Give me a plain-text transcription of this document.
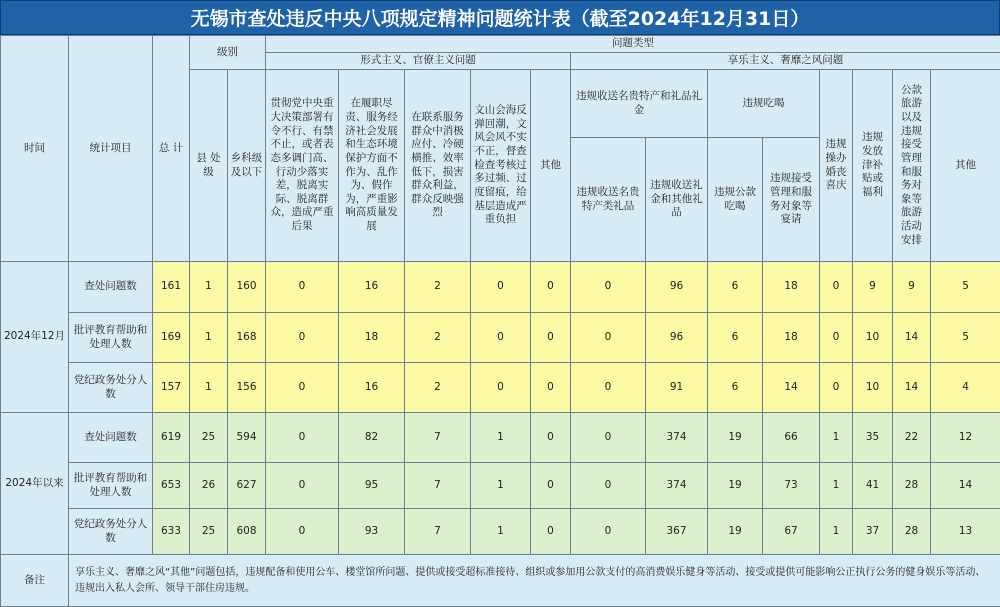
无锡市查处违反中央八项规定精神问题统计表（截至2024年12月31日）
时间	统计项目	总 计	级别		问题类型												
					形式主义、官僚主义问题					享乐主义、奢靡之风问题							
			县 处级	乡科级及以下	贯彻党中央重大决策部署有令不行、有禁不止，或者表态多调门高、行动少落实差，脱离实际、脱离群众，造成严重后果	在履职尽责、服务经济社会发展和生态环境保护方面不作为、乱作为、假作为，严重影响高质量发展	在联系服务群众中消极应付、冷硬横推、效率低下，损害群众利益，群众反映强烈	文山会海反弹回潮，文风会风不实不正，督查检查考核过多过频、过度留痕，给基层造成严重负担	其他	违规收送名贵特产和礼品礼金		违规吃喝		违规操办婚丧喜庆	违规发放津补贴或福利	公款旅游以及违规接受管理和服务对象等旅游活动安排	其他
										违规收送名贵特产类礼品	违规收送礼金和其他礼品	违规公款吃喝	违规接受管理和服务对象等宴请				
2024年12月	查处问题数	161	1	160	0	16	2	0	0	0	96	6	18	0	9	9	5
	批评教育帮助和处理人数	169	1	168	0	18	2	0	0	0	96	6	18	0	10	14	5
	党纪政务处分人数	157	1	156	0	16	2	0	0	0	91	6	14	0	10	14	4
2024年以来	查处问题数	619	25	594	0	82	7	1	0	0	374	19	66	1	35	22	12
	批评教育帮助和处理人数	653	26	627	0	95	7	1	0	0	374	19	73	1	41	28	14
	党纪政务处分人数	633	25	608	0	93	7	1	0	0	367	19	67	1	37	28	13
备注	享乐主义、奢靡之风“其他”问题包括，违规配备和使用公车、楼堂馆所问题、提供或接受超标准接待、组织或参加用公款支付的高消费娱乐健身等活动、接受或提供可能影响公正执行公务的健身娱乐等活动、违规出入私人会所、领导干部住房违规。																
